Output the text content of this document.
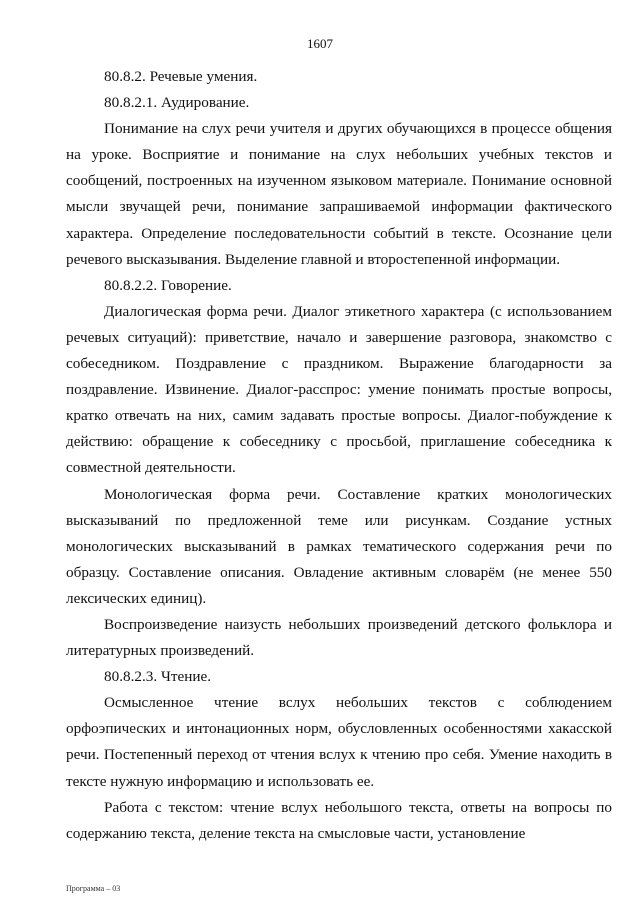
1607

80.8.2. Речевые умения.

80.8.2.1. Аудирование.

Понимание на слух речи учителя и других обучающихся в процессе общения на уроке. Восприятие и понимание на слух небольших учебных текстов и сообщений, построенных на изученном языковом материале. Понимание основной мысли звучащей речи, понимание запрашиваемой информации фактического характера. Определение последовательности событий в тексте. Осознание цели речевого высказывания. Выделение главной и второстепенной информации.

80.8.2.2. Говорение.

Диалогическая форма речи. Диалог этикетного характера (с использованием речевых ситуаций): приветствие, начало и завершение разговора, знакомство с собеседником. Поздравление с праздником. Выражение благодарности за поздравление. Извинение. Диалог-расспрос: умение понимать простые вопросы, кратко отвечать на них, самим задавать простые вопросы. Диалог-побуждение к действию: обращение к собеседнику с просьбой, приглашение собеседника к совместной деятельности.

Монологическая форма речи. Составление кратких монологических высказываний по предложенной теме или рисункам. Создание устных монологических высказываний в рамках тематического содержания речи по образцу. Составление описания. Овладение активным словарём (не менее 550 лексических единиц).

Воспроизведение наизусть небольших произведений детского фольклора и литературных произведений.

80.8.2.3. Чтение.

Осмысленное чтение вслух небольших текстов с соблюдением орфоэпических и интонационных норм, обусловленных особенностями хакасской речи. Постепенный переход от чтения вслух к чтению про себя. Умение находить в тексте нужную информацию и использовать ее.

Работа с текстом: чтение вслух небольшого текста, ответы на вопросы по содержанию текста, деление текста на смысловые части, установление

Программа – 03
